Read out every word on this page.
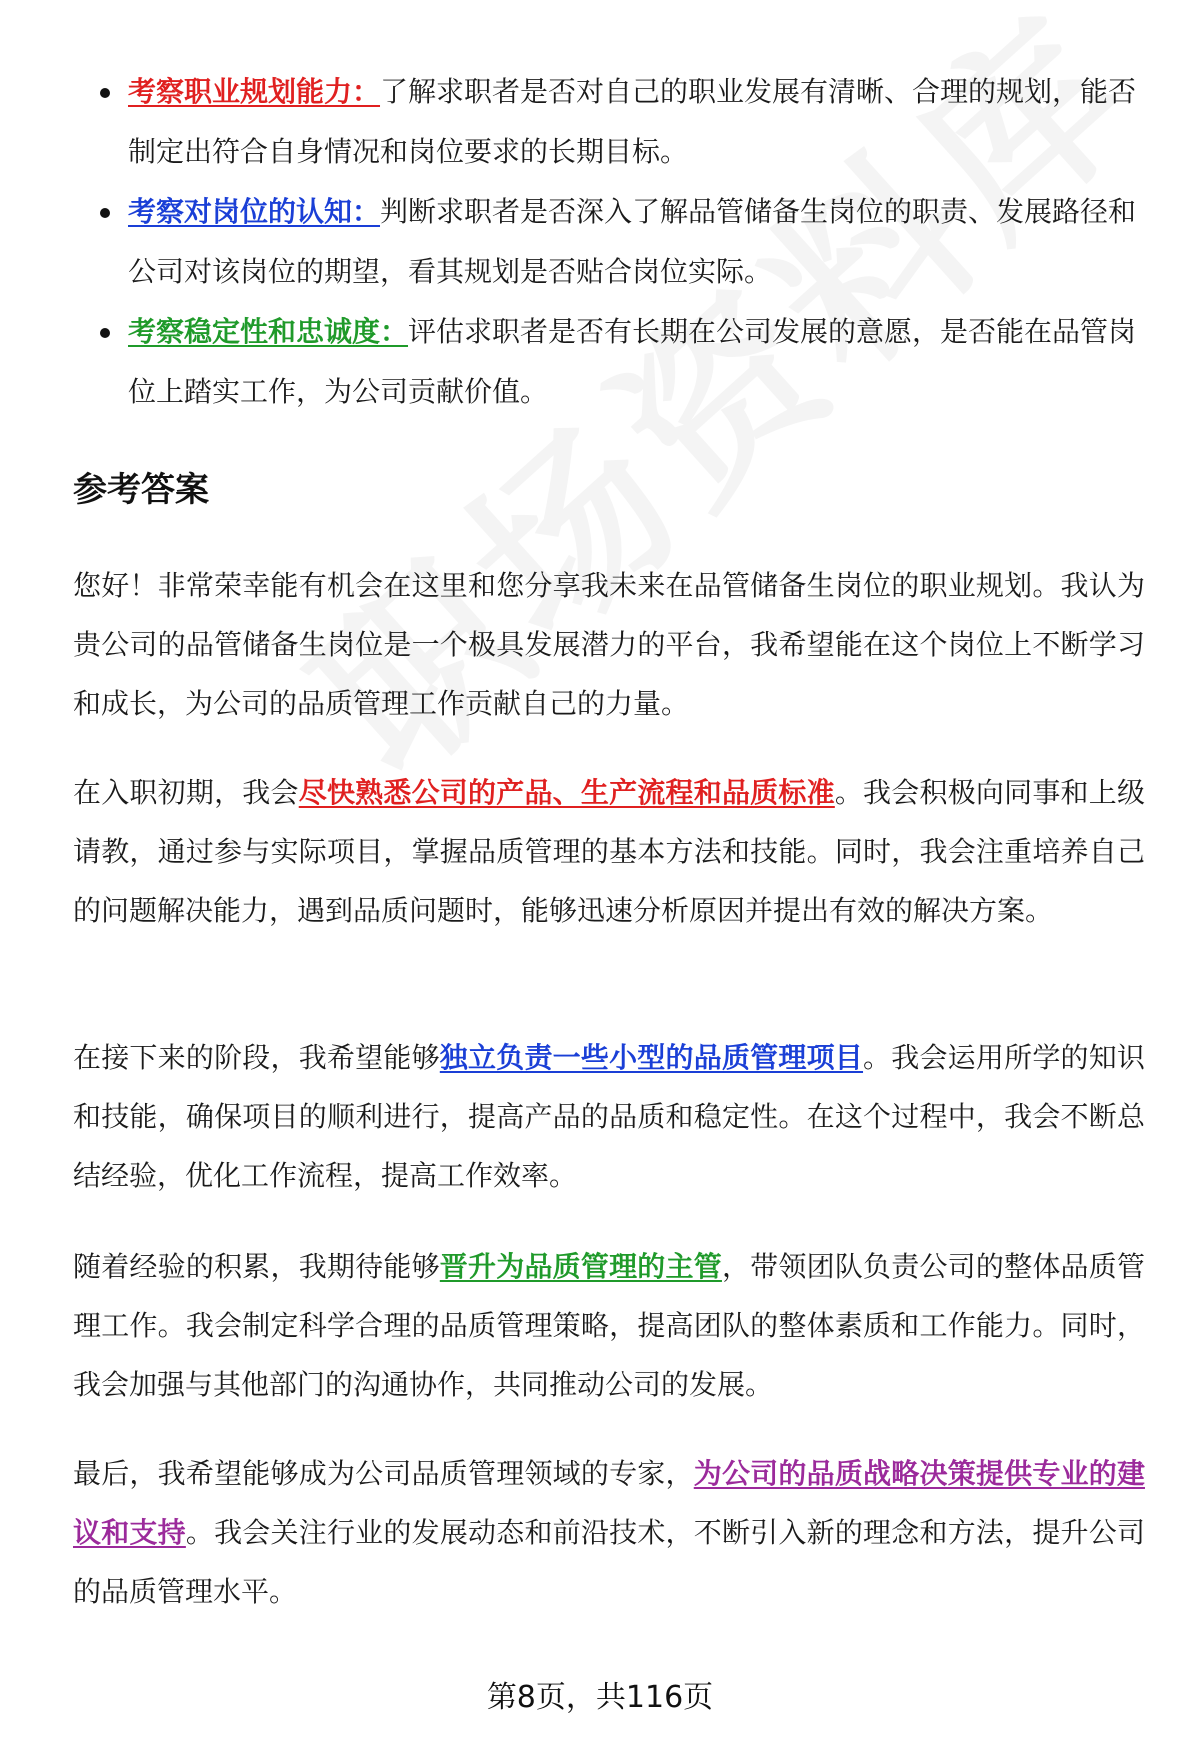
考察职业规划能力：了解求职者是否对自己的职业发展有清晰、合理的规划，能否制定出符合自身情况和岗位要求的长期目标。
考察对岗位的认知：判断求职者是否深入了解品管储备生岗位的职责、发展路径和公司对该岗位的期望，看其规划是否贴合岗位实际。
考察稳定性和忠诚度：评估求职者是否有长期在公司发展的意愿，是否能在品管岗位上踏实工作，为公司贡献价值。
参考答案

您好！非常荣幸能有机会在这里和您分享我未来在品管储备生岗位的职业规划。我认为贵公司的品管储备生岗位是一个极具发展潜力的平台，我希望能在这个岗位上不断学习和成长，为公司的品质管理工作贡献自己的力量。

在入职初期，我会尽快熟悉公司的产品、生产流程和品质标准。我会积极向同事和上级请教，通过参与实际项目，掌握品质管理的基本方法和技能。同时，我会注重培养自己的问题解决能力，遇到品质问题时，能够迅速分析原因并提出有效的解决方案。

在接下来的阶段，我希望能够独立负责一些小型的品质管理项目。我会运用所学的知识和技能，确保项目的顺利进行，提高产品的品质和稳定性。在这个过程中，我会不断总结经验，优化工作流程，提高工作效率。

随着经验的积累，我期待能够晋升为品质管理的主管，带领团队负责公司的整体品质管理工作。我会制定科学合理的品质管理策略，提高团队的整体素质和工作能力。同时，我会加强与其他部门的沟通协作，共同推动公司的发展。

最后，我希望能够成为公司品质管理领域的专家，为公司的品质战略决策提供专业的建议和支持。我会关注行业的发展动态和前沿技术，不断引入新的理念和方法，提升公司的品质管理水平。

第8页，共116页
